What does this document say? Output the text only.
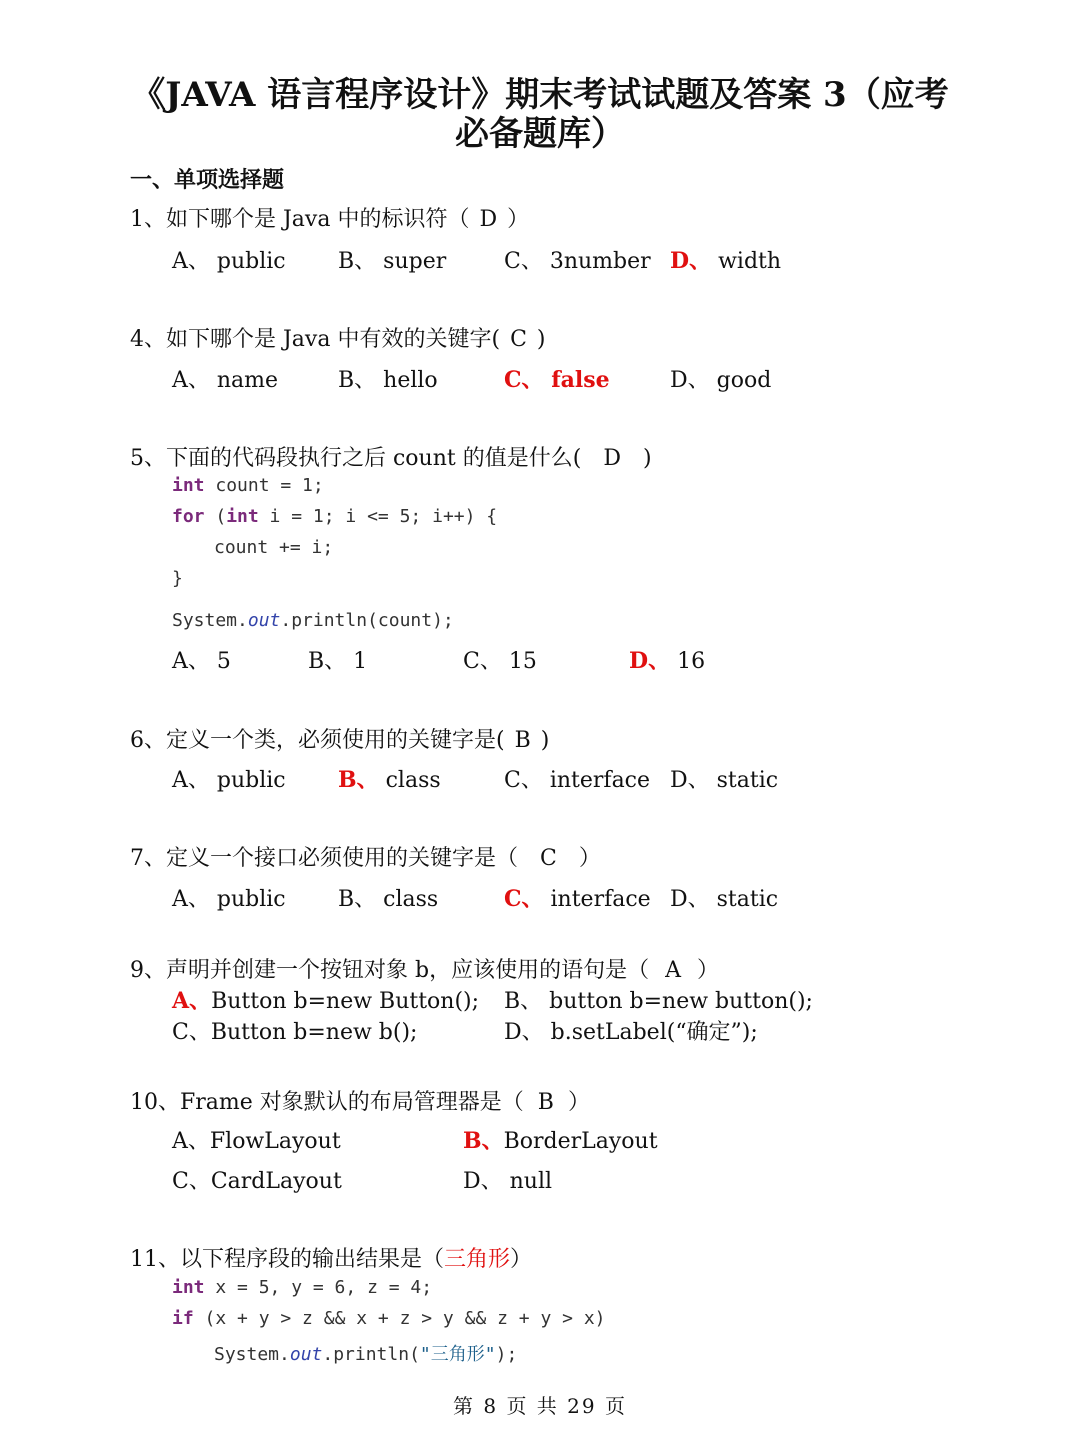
《JAVA 语言程序设计》期末考试试题及答案 3（应考
必备题库）
一、单项选择题
1、如下哪个是 Java 中的标识符（ D ）
A、 public B、 super	C、 3number D、 width
4、如下哪个是 Java 中有效的关键字( C )
A、 name	B、 hello	C、 false	D、 good
5、下面的代码段执行之后 count 的值是什么( D )
int count = 1;
for (int i = 1; i <= 5; i++) {
count += i;
}
System.out.println(count);
A、 5	B、 1	C、 15	D、 16
6、定义一个类，必须使用的关键字是( B )
A、 public B、 class	C、 interface D、 static
7、定义一个接口必须使用的关键字是（ C ）
A、 public B、 class	C、 interface D、 static
9、声明并创建一个按钮对象 b，应该使用的语句是（ A ）
A、Button b=new Button(); B、 button b=new button();
C、Button b=new b();	D、 b.setLabel(“确定”);
10、Frame 对象默认的布局管理器是（ B ）
A、FlowLayout	B、BorderLayout
C、CardLayout	D、 null
11、以下程序段的输出结果是（三角形）
int x = 5, y = 6, z = 4;
if (x + y > z && x + z > y && z + y > x)
System.out.println("三角形");
第 8 页 共 29 页
